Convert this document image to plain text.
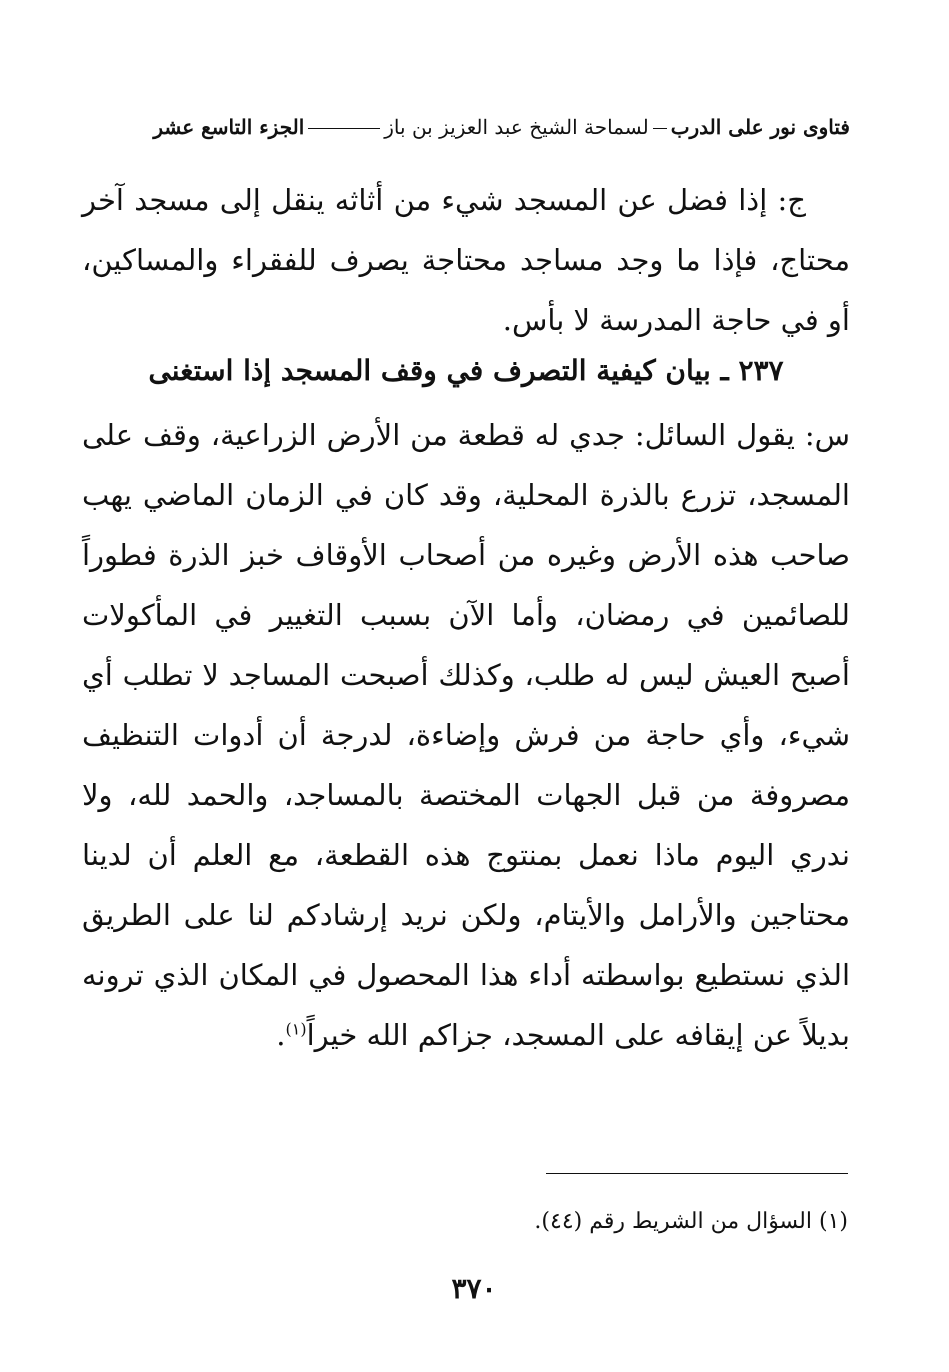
فتاوى نور على الدربلسماحة الشيخ عبد العزيز بن بازالجزء التاسع عشر
ج: إذا فضل عن المسجد شيء من أثاثه ينقل إلى مسجد آخر محتاج، فإذا ما وجد مساجد محتاجة يصرف للفقراء والمساكين، أو في حاجة المدرسة لا بأس.
٢٣٧ ـ بيان كيفية التصرف في وقف المسجد إذا استغنى
س: يقول السائل: جدي له قطعة من الأرض الزراعية، وقف على المسجد، تزرع بالذرة المحلية، وقد كان في الزمان الماضي يهب صاحب هذه الأرض وغيره من أصحاب الأوقاف خبز الذرة فطوراً للصائمين في رمضان، وأما الآن بسبب التغيير في المأكولات أصبح العيش ليس له طلب، وكذلك أصبحت المساجد لا تطلب أي شيء، وأي حاجة من فرش وإضاءة، لدرجة أن أدوات التنظيف مصروفة من قبل الجهات المختصة بالمساجد، والحمد لله، ولا ندري اليوم ماذا نعمل بمنتوج هذه القطعة، مع العلم أن لدينا محتاجين والأرامل والأيتام، ولكن نريد إرشادكم لنا على الطريق الذي نستطيع بواسطته أداء هذا المحصول في المكان الذي ترونه بديلاً عن إيقافه على المسجد، جزاكم الله خيراً$^{(١)}$.
(١) السؤال من الشريط رقم (٤٤).
٣٧٠
